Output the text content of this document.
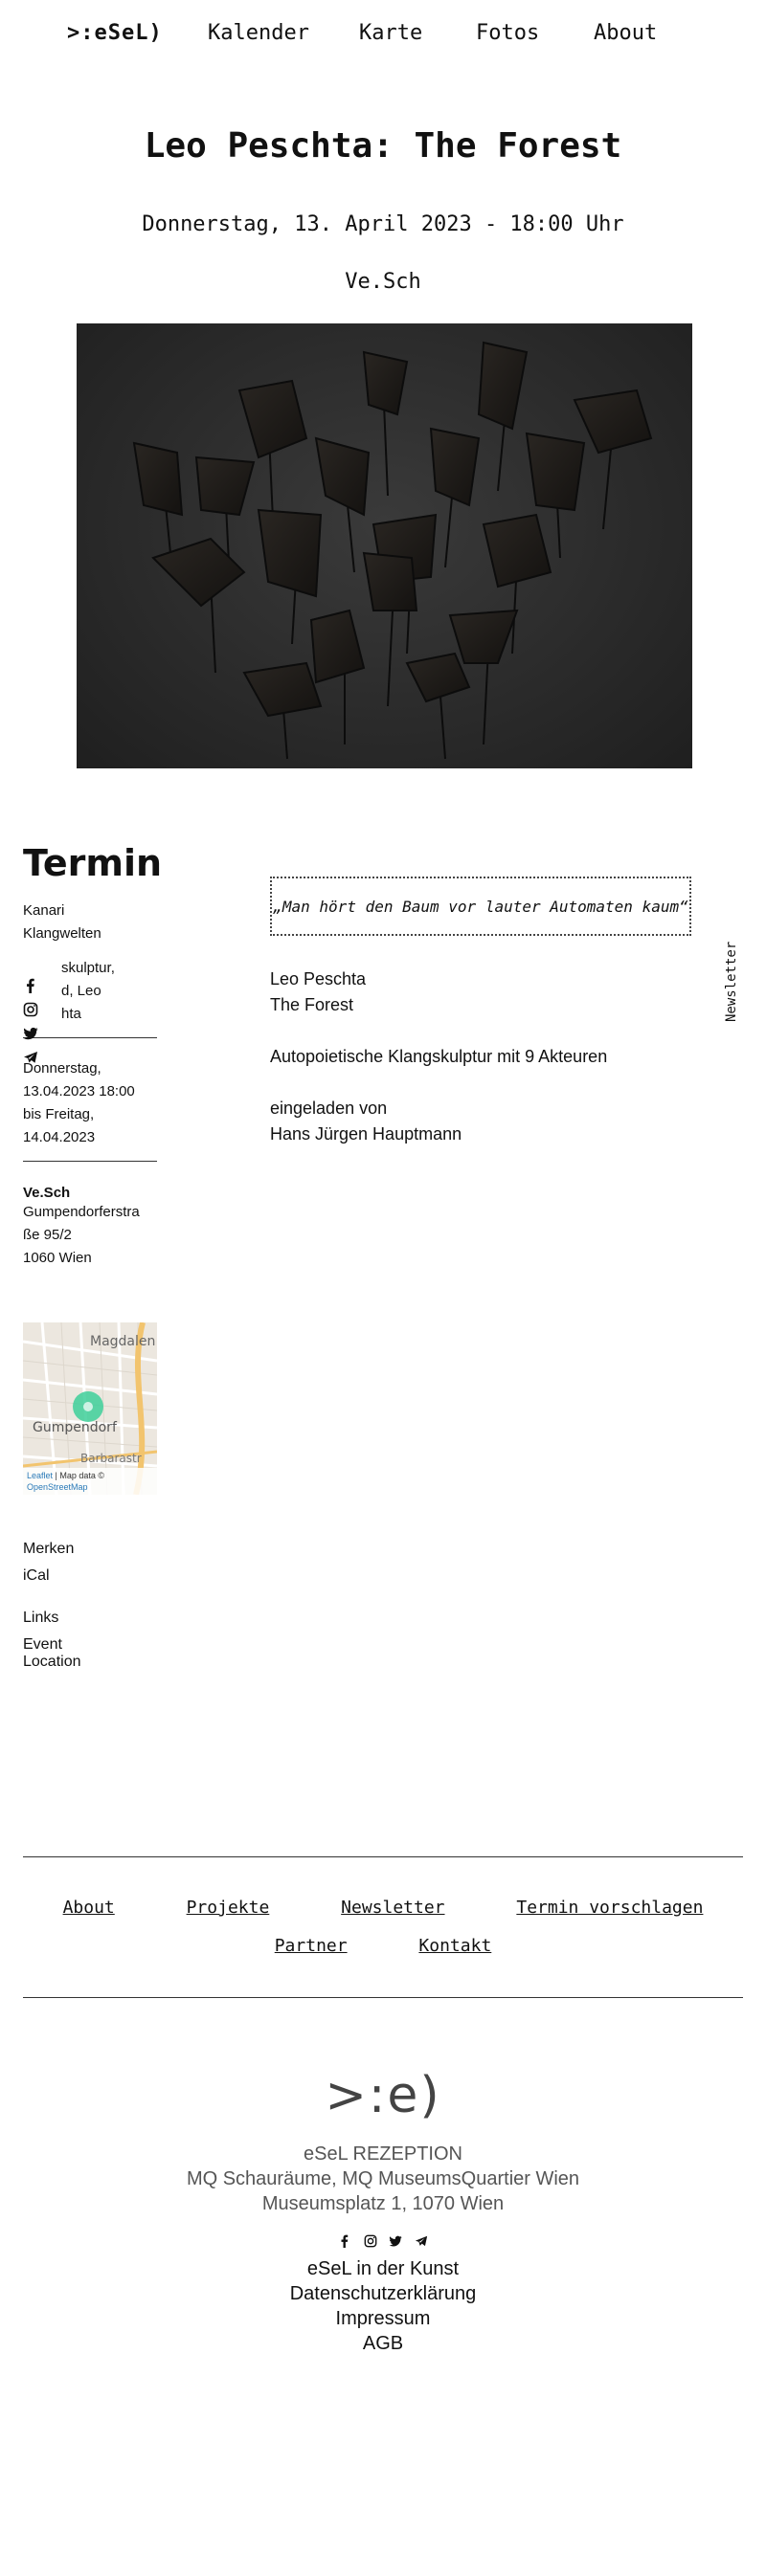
>:eSeL) Kalender Karte	Fotos	About
Leo Peschta: The Forest
Donnerstag, 13. April 2023 - 18:00 Uhr
Ve.Sch
Termin
Kanari
Klangwelten
skulptur,
d, Leo
hta
Donnerstag,
13.04.2023 18:00
bis Freitag,
14.04.2023
Ve.Sch
Gumpendorferstra
ße 95/2
1060 Wien
Magdalen
Gumpendorf
Barbarastr
Leaflet | Map data ©
OpenStreetMap
Merken
iCal
Links
Event
Location
„Man hört den Baum vor lauter Automaten kaum“
Leo Peschta
The Forest
Autopoietische Klangskulptur mit 9 Akteuren
eingeladen von
Hans Jürgen Hauptmann
Newsletter
About	Projekte	Newsletter	Termin vorschlagen
Partner	Kontakt
>:e)
eSeL REZEPTION
MQ Schauräume, MQ MuseumsQuartier Wien
Museumsplatz 1, 1070 Wien

eSeL in der Kunst
Datenschutzerklärung
Impressum
AGB
